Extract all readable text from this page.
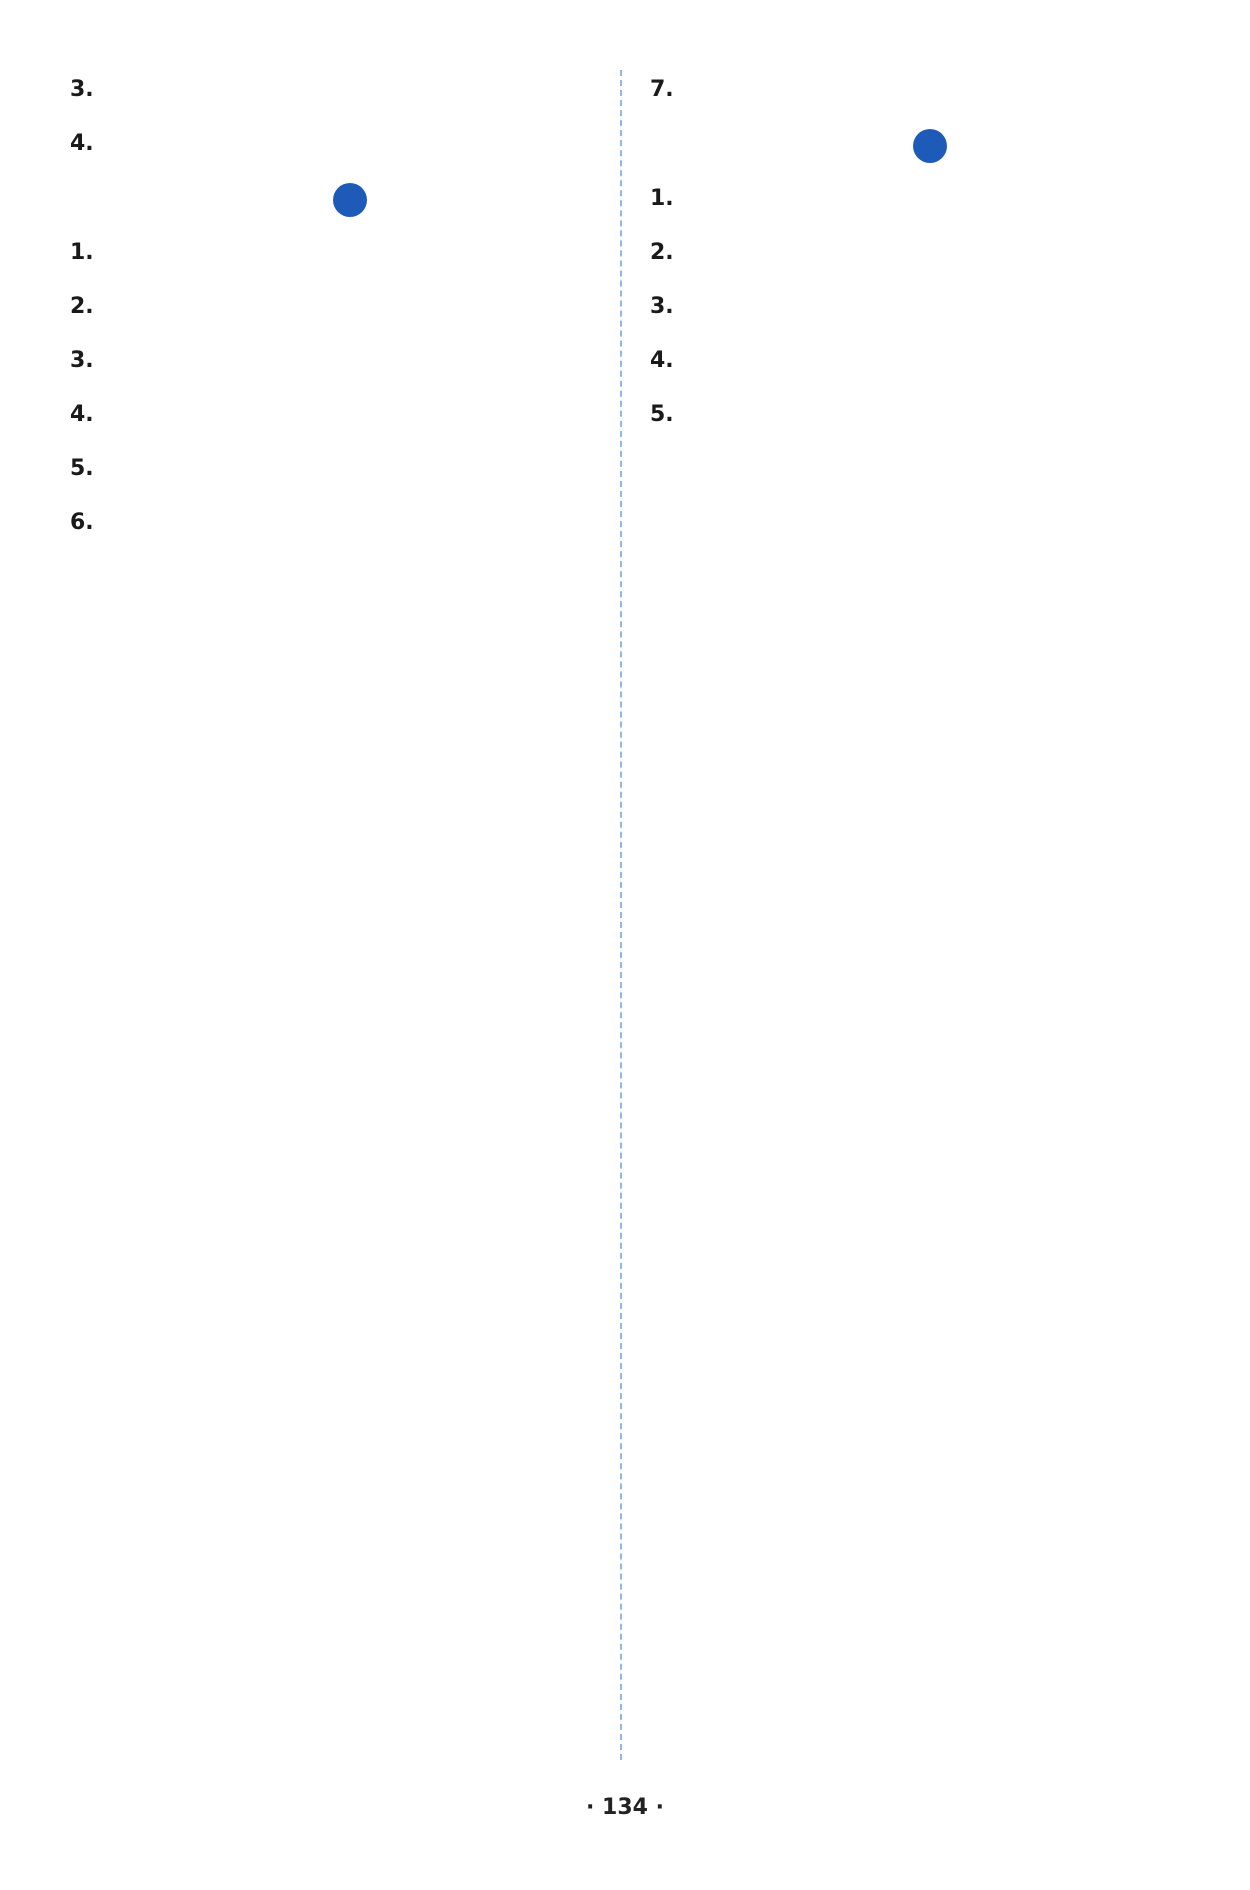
3.
4.
1.
2.
3.
4.
5.
6.
7.
1.
2.
3.
4.
5.
· 134 ·
